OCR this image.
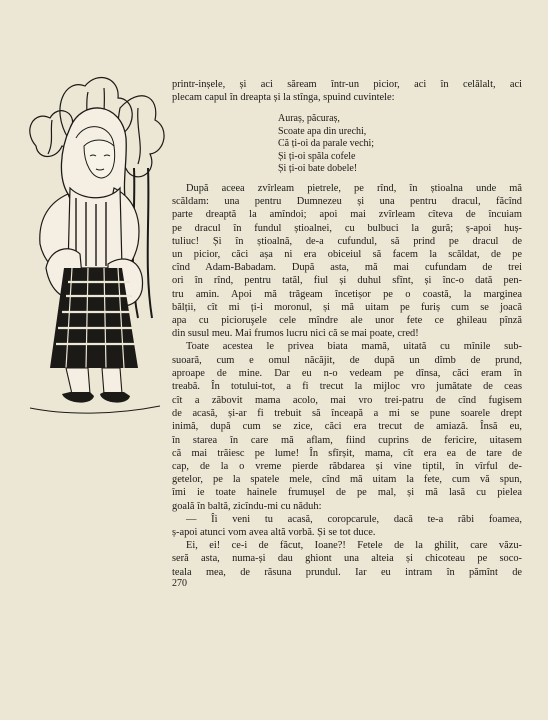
printr-inșele, și aci săream într-un picior, aci în celălalt, aci
plecam capul în dreapta și la stînga, spuind cuvintele:
Auraș, păcuraș,
Scoate apa din urechi,
Că ți-oi da parale vechi;
Și ți-oi spăla cofele
Și ți-oi bate dobele!
După aceea zvîrleam pietrele, pe rînd, în știoalna unde mă
scăldam: una pentru Dumnezeu și una pentru dracul, făcînd
parte dreaptă la amîndoi; apoi mai zvîrleam cîteva de încuiam
pe dracul în fundul știoalnei, cu bulbuci la gură; ș-apoi huș-
tuliuc! Și în știoalnă, de-a cufundul, să prind pe dracul de
un picior, căci așa ni era obiceiul să facem la scăldat, de pe
cînd Adam-Babadam. După asta, mă mai cufundam de trei
ori în rînd, pentru tatăl, fiul și duhul sfînt, și înc-o dată pen-
tru amin. Apoi mă trăgeam încetișor pe o coastă, la marginea
bălții, cît mi ți-i moronul, și mă uitam pe furiș cum se joacă
apa cu picioruşele cele mîndre ale unor fete ce ghileau pînză
din susul meu. Mai frumos lucru nici că se mai poate, cred!
Toate acestea le privea biata mamă, uitată cu mînile sub-
suoară, cum e omul năcăjit, de după un dîmb de prund,
aproape de mine. Dar eu n-o vedeam pe dînsa, căci eram în
treabă. În totului-tot, a fi trecut la mijloc vro jumătate de ceas
cît a zăbovit mama acolo, mai vro trei-patru de cînd fugisem
de acasă, și-ar fi trebuit să înceapă a mi se pune soarele drept
inimă, după cum se zice, căci era trecut de amiază. Însă eu,
în starea în care mă aflam, fiind cuprins de fericire, uitasem
că mai trăiesc pe lume! În sfîrșit, mama, cît era ea de tare de
cap, de la o vreme pierde răbdarea și vine tiptil, în vîrful de-
getelor, pe la spatele mele, cînd mă uitam la fete, cum vă spun,
îmi ie toate hainele frumușel de pe mal, și mă lasă cu pielea
goală în baltă, zicîndu-mi cu năduh:
— Îi veni tu acasă, coropcarule, dacă te-a răbi foamea,
ș-apoi atunci vom avea altă vorbă. Și se tot duce.
Ei, ei! ce-i de făcut, Ioane?! Fetele de la ghilit, care văzu-
seră asta, numa-și dau ghiont una alteia și chicoteau pe soco-
teala mea, de răsuna prundul. Iar eu intram în pămînt de
270
